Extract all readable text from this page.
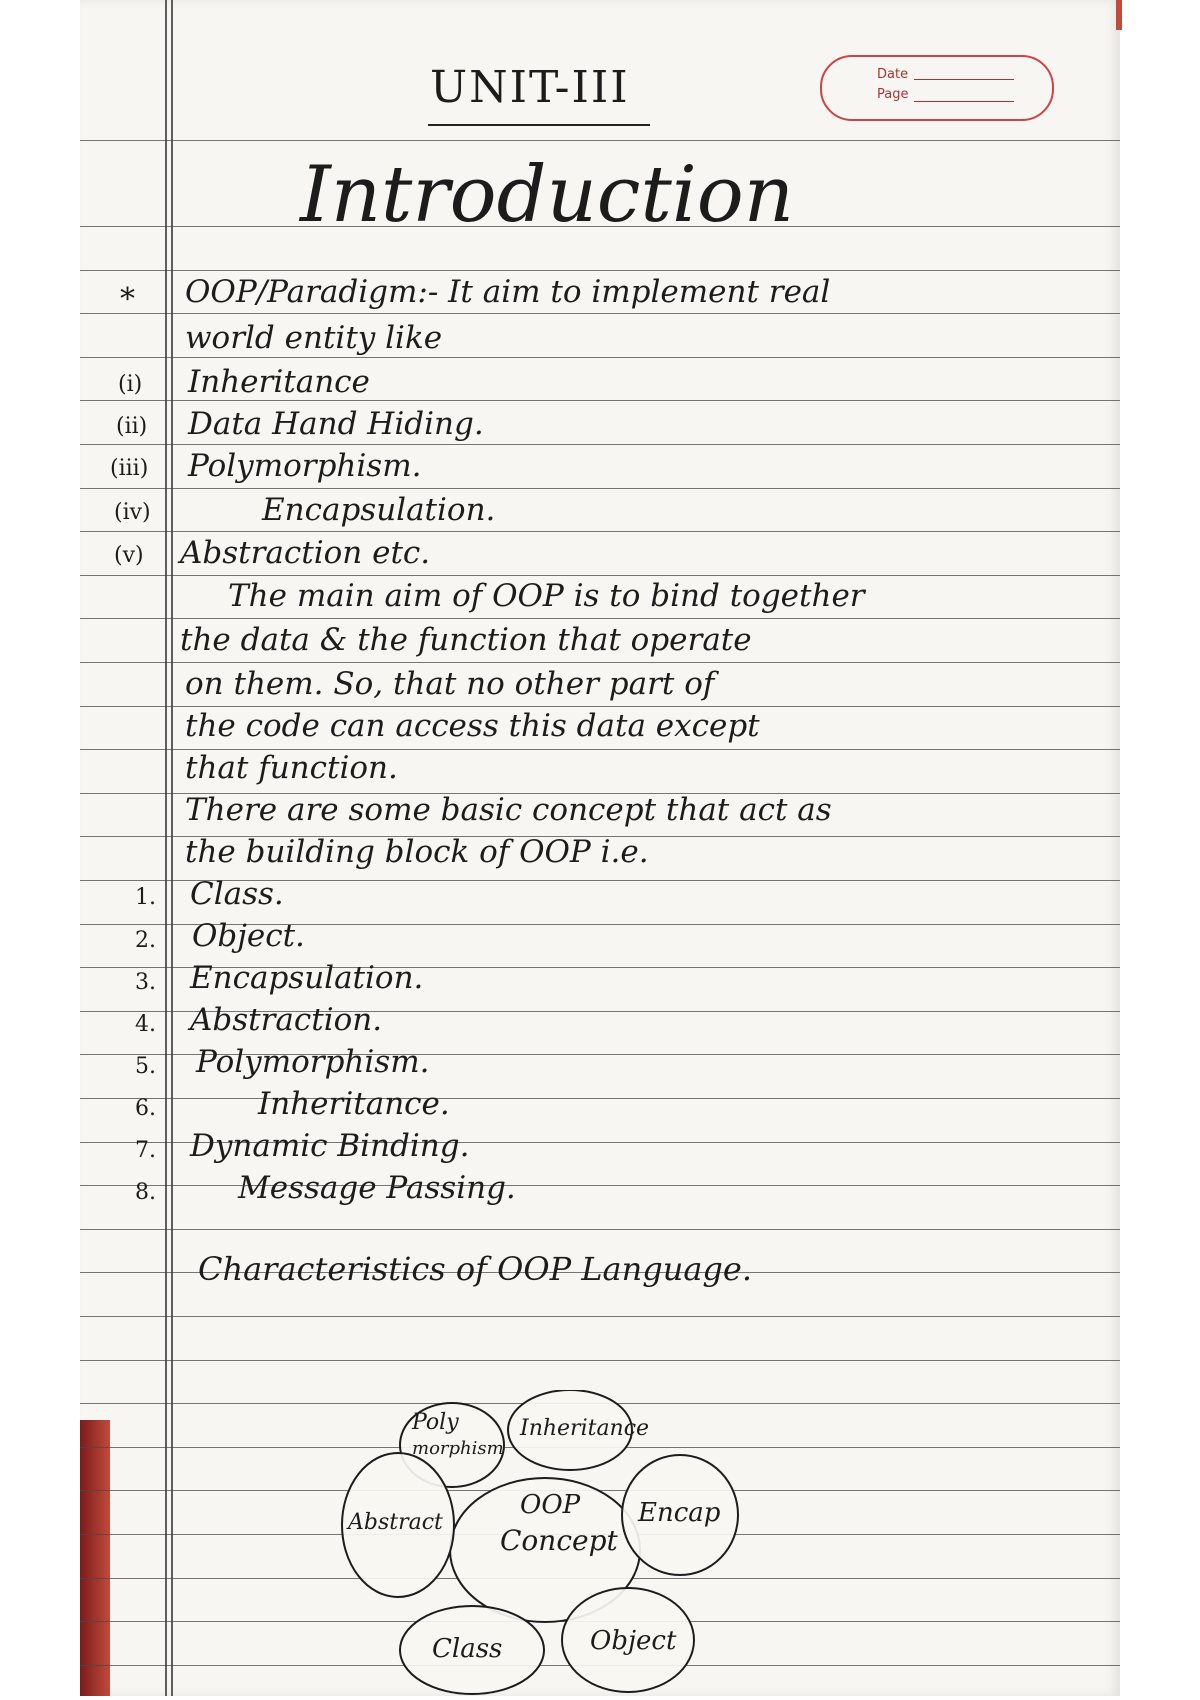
UNIT-III	Date
Page
Introduction
* OOP/Paradigm:- It aim to implement real
world entity like
(i) Inheritance
(ii) Data Hand Hiding.
(iii) Polymorphism.
(iv)	Encapsulation.
(v) Abstraction etc.
The main aim of OOP is to bind together
the data & the function that operate
on them. So, that no other part of
the code can access this data except
that function.
There are some basic concept that act as
the building block of OOP i.e.
1. Class.
2. Object.
3. Encapsulation.
4. Abstraction.
5. Polymorphism.
6.	Inheritance.
7. Dynamic Binding.
8.	Message Passing.
Characteristics of OOP Language.
Poly
morphism
Inheritance
Encap
Object
Class
Abstract
OOP
Concept
